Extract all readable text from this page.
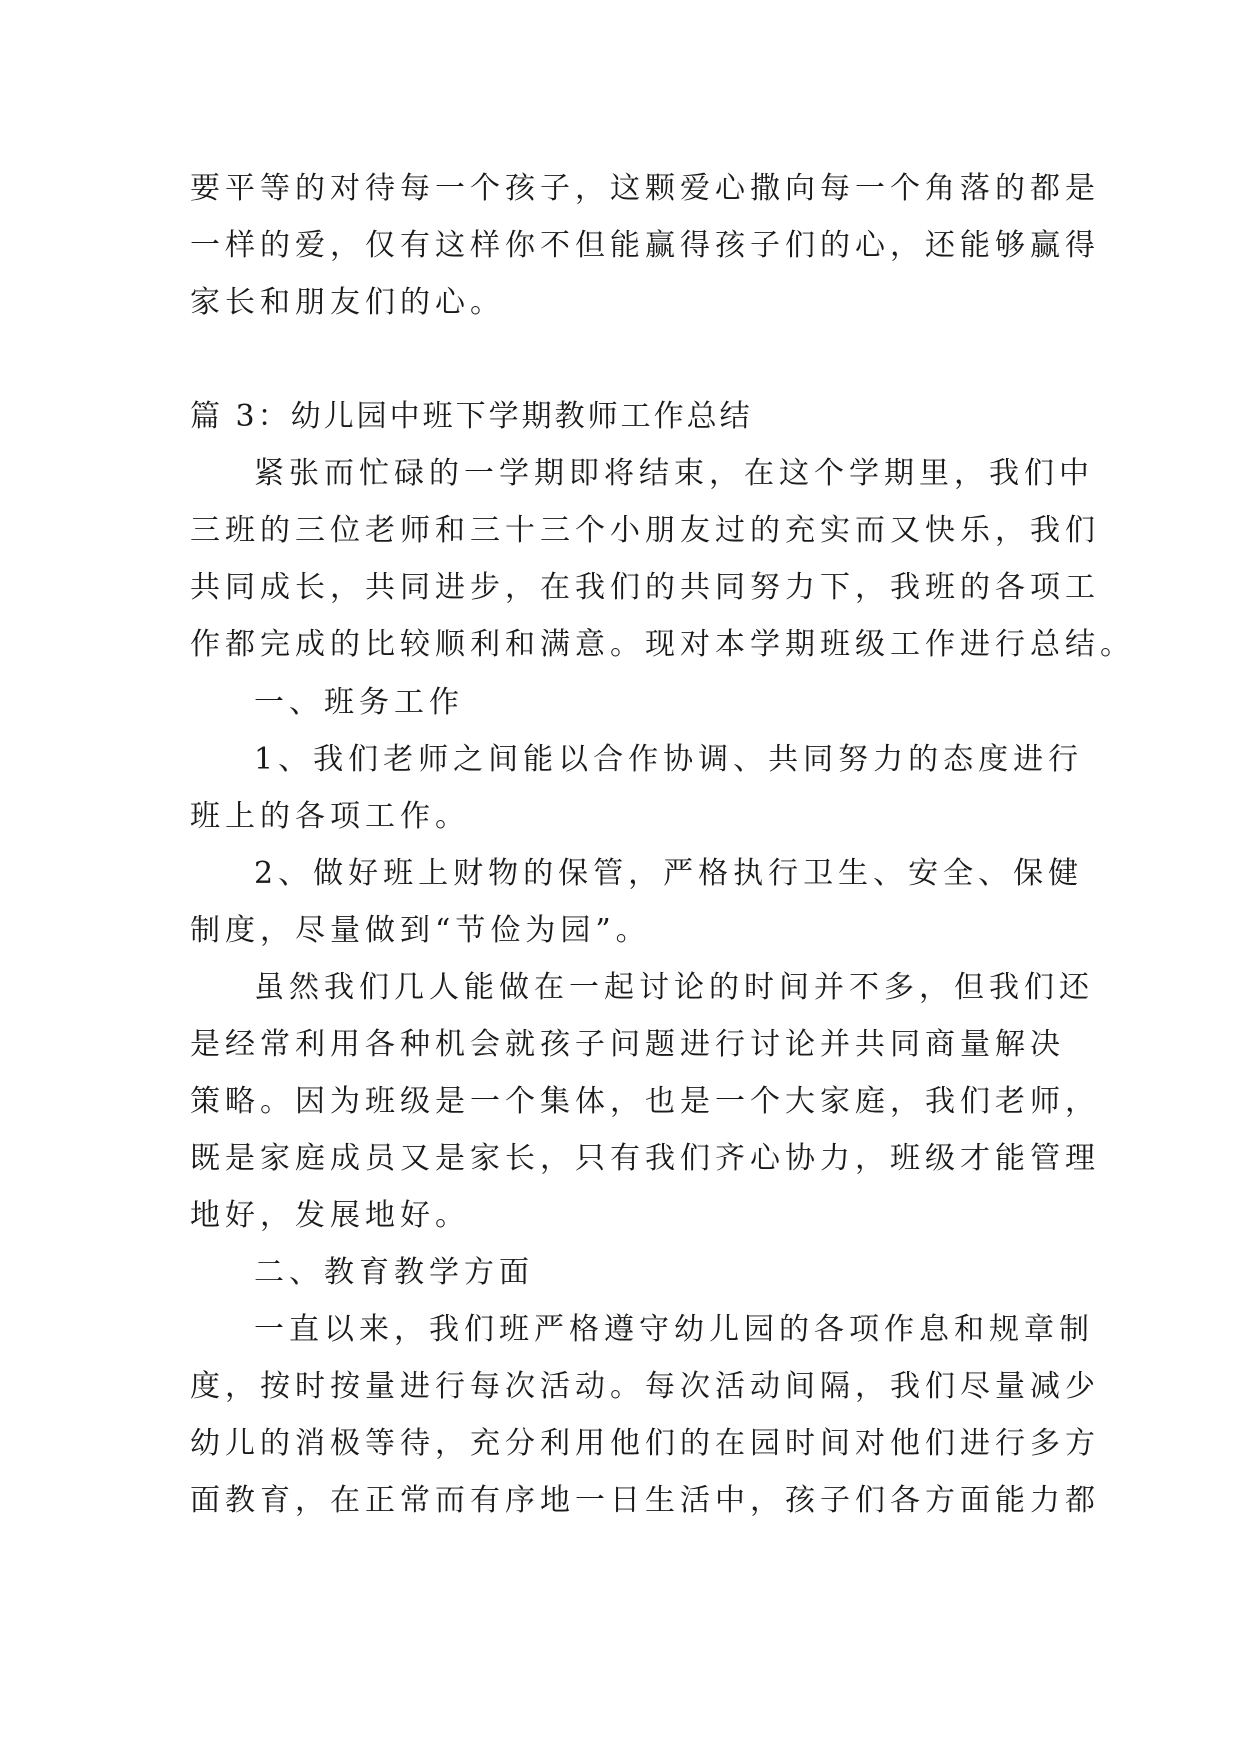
要平等的对待每一个孩子，这颗爱心撒向每一个角落的都是
一样的爱，仅有这样你不但能赢得孩子们的心，还能够赢得
家长和朋友们的心。
篇 3：幼儿园中班下学期教师工作总结
紧张而忙碌的一学期即将结束，在这个学期里，我们中
三班的三位老师和三十三个小朋友过的充实而又快乐，我们
共同成长，共同进步，在我们的共同努力下，我班的各项工
作都完成的比较顺利和满意。现对本学期班级工作进行总结。
一、班务工作
1、我们老师之间能以合作协调、共同努力的态度进行
班上的各项工作。
2、做好班上财物的保管，严格执行卫生、安全、保健
制度，尽量做到“节俭为园”。
虽然我们几人能做在一起讨论的时间并不多，但我们还
是经常利用各种机会就孩子问题进行讨论并共同商量解决
策略。因为班级是一个集体，也是一个大家庭，我们老师，
既是家庭成员又是家长，只有我们齐心协力，班级才能管理
地好，发展地好。
二、教育教学方面
一直以来，我们班严格遵守幼儿园的各项作息和规章制
度，按时按量进行每次活动。每次活动间隔，我们尽量减少
幼儿的消极等待，充分利用他们的在园时间对他们进行多方
面教育，在正常而有序地一日生活中，孩子们各方面能力都
